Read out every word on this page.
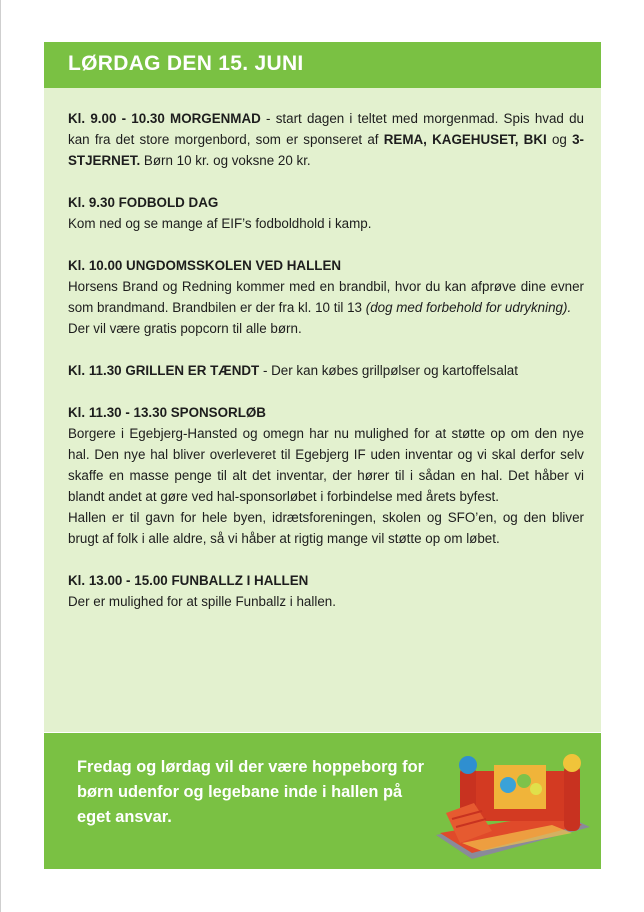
LØRDAG DEN 15. JUNI

Kl. 9.00 - 10.30 MORGENMAD - start dagen i teltet med morgenmad. Spis hvad du kan fra det store morgenbord, som er sponseret af REMA, KAGEHUSET, BKI og 3-STJERNET. Børn 10 kr. og voksne 20 kr.

Kl. 9.30 FODBOLD DAG

Kom ned og se mange af EIF’s fodboldhold i kamp.

Kl. 10.00 UNGDOMSSKOLEN VED HALLEN

Horsens Brand og Redning kommer med en brandbil, hvor du kan afprøve dine evner som brandmand. Brandbilen er der fra kl. 10 til 13 (dog med forbehold for udrykning).

Der vil være gratis popcorn til alle børn.

Kl. 11.30 GRILLEN ER TÆNDT - Der kan købes grillpølser og kartoffelsalat

Kl. 11.30 - 13.30 SPONSORLØB

Borgere i Egebjerg-Hansted og omegn har nu mulighed for at støtte op om den nye hal. Den nye hal bliver overleveret til Egebjerg IF uden inventar og vi skal derfor selv skaffe en masse penge til alt det inventar, der hører til i sådan en hal. Det håber vi blandt andet at gøre ved hal-sponsorløbet i forbindelse med årets byfest.

Hallen er til gavn for hele byen, idrætsforeningen, skolen og SFO’en, og den bliver brugt af folk i alle aldre, så vi håber at rigtig mange vil støtte op om løbet.

Kl. 13.00 - 15.00 FUNBALLZ I HALLEN

Der er mulighed for at spille Funballz i hallen.

Fredag og lørdag vil der være hoppeborg for børn udenfor og legebane inde i hallen på eget ansvar.
